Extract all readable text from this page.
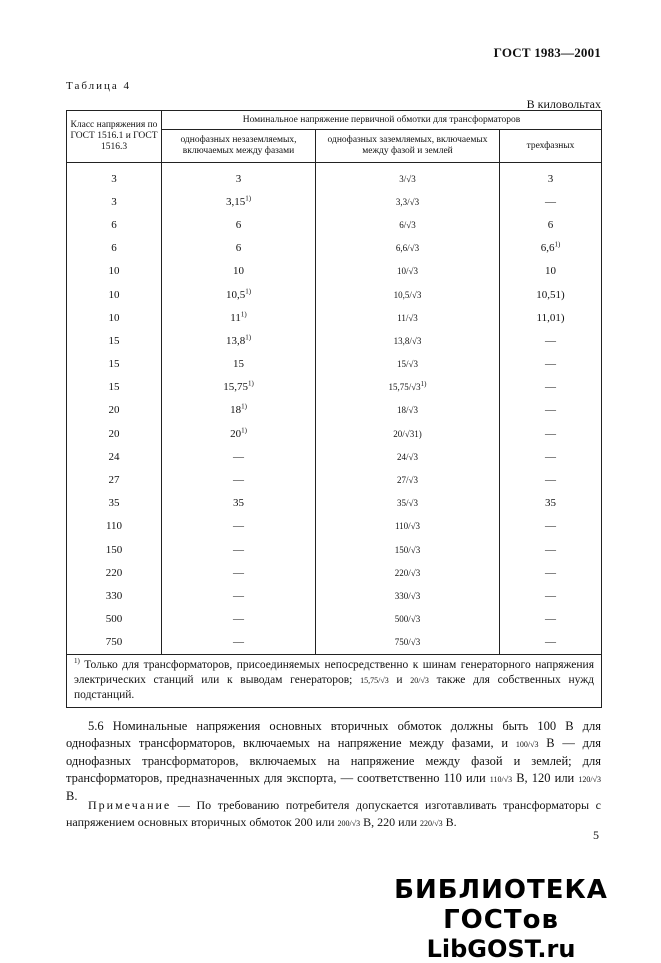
ГОСТ 1983—2001
Таблица 4
В киловольтах
Класс напряжения по ГОСТ 1516.1 и ГОСТ 1516.3	Номинальное напряжение первичной обмотки для трансформаторов		
	однофазных незаземляемых, включаемых между фазами	однофазных заземляемых, включаемых между фазой и землей	трехфазных
3	3	3/√3	3
3	3,15$^{1)}$	3,3/√3	—
6	6	6/√3	6
6	6	6,6/√3	6,6$^{1)}$
10	10	10/√3	10
10	10,5$^{1)}$	10,5/√3	10,51)
10	11$^{1)}$	11/√3	11,01)
15	13,8$^{1)}$	13,8/√3	—
15	15	15/√3	—
15	15,75$^{1)}$	15,75/√3$^{1)}$	—
20	18$^{1)}$	18/√3	—
20	20$^{1)}$	20/√31)	—
24	—	24/√3	—
27	—	27/√3	—
35	35	35/√3	35
110	—	110/√3	—
150	—	150/√3	—
220	—	220/√3	—
330	—	330/√3	—
500	—	500/√3	—
750	—	750/√3	—
$^{1)}$ Только для трансформаторов, присоединяемых непосредственно к шинам генераторного напряжения электрических станций или к выводам генераторов; 15,75/√3 и 20/√3 также для собственных нужд подстанций.			
5.6 Номинальные напряжения основных вторичных обмоток должны быть 100 В для однофазных трансформаторов, включаемых на напряжение между фазами, и 100/√3 В — для однофазных трансформаторов, включаемых на напряжение между фазой и землей; для трансформаторов, предназначенных для экспорта, — соответственно 110 или 110/√3 В, 120 или 120/√3 В.
Примечание — По требованию потребителя допускается изготавливать трансформаторы с напряжением основных вторичных обмоток 200 или 200/√3 В, 220 или 220/√3 В.
5
БИБЛИОТЕКА ГОСТов
LibGOST.ru
